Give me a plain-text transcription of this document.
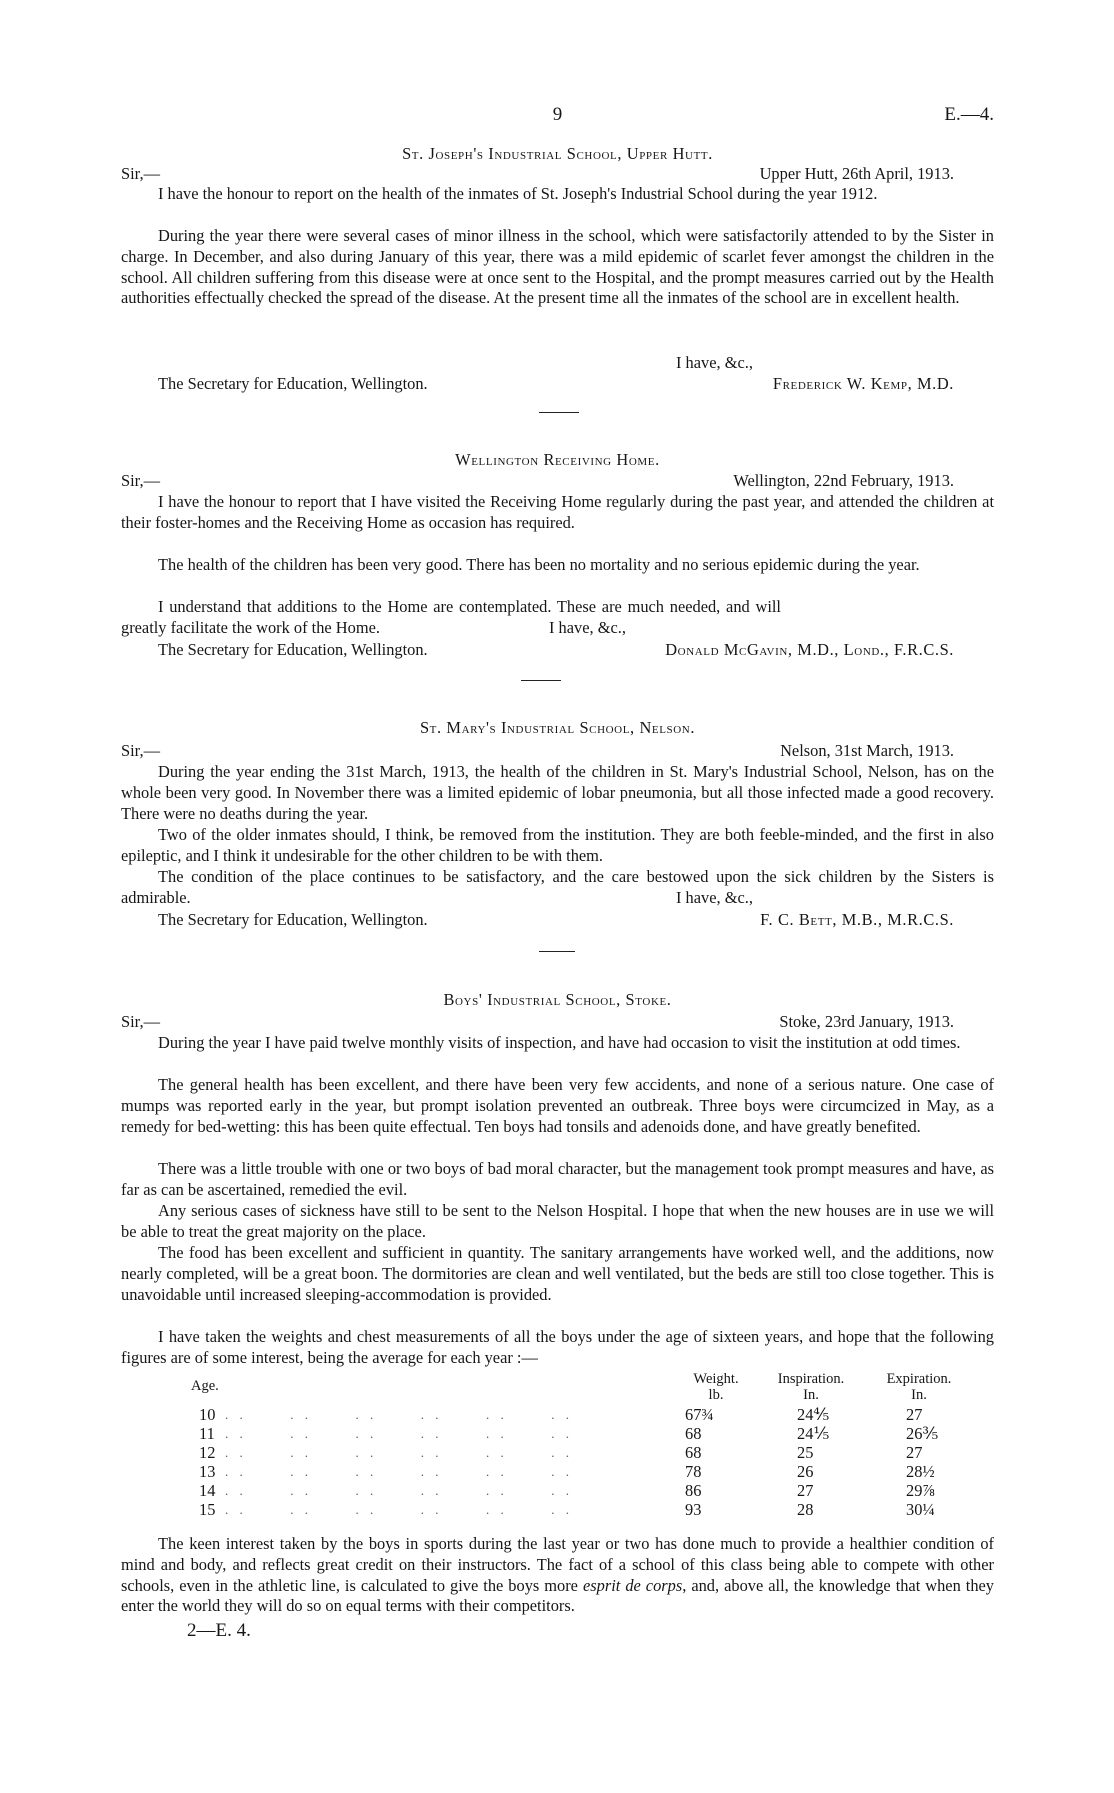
9	E.—4.
St. Joseph's Industrial School, Upper Hutt.
Sir,—	Upper Hutt, 26th April, 1913.

I have the honour to report on the health of the inmates of St. Joseph's Industrial School during the year 1912.

During the year there were several cases of minor illness in the school, which were satisfactorily attended to by the Sister in charge. In December, and also during January of this year, there was a mild epidemic of scarlet fever amongst the children in the school. All children suffering from this disease were at once sent to the Hospital, and the prompt measures carried out by the Health authorities effectually checked the spread of the disease. At the present time all the inmates of the school are in excellent health.

I have, &c.,
The Secretary for Education, Wellington.	Frederick W. Kemp, M.D.
Wellington Receiving Home.
Sir,—	Wellington, 22nd February, 1913.

I have the honour to report that I have visited the Receiving Home regularly during the past year, and attended the children at their foster-homes and the Receiving Home as occasion has required.

The health of the children has been very good. There has been no mortality and no serious epidemic during the year.

I understand that additions to the Home are contemplated. These are much needed, and will greatly facilitate the work of the Home.	I have, &c.,
The Secretary for Education, Wellington.	Donald McGavin, M.D., Lond., F.R.C.S.
St. Mary's Industrial School, Nelson.
Sir,—	Nelson, 31st March, 1913.

During the year ending the 31st March, 1913, the health of the children in St. Mary's Industrial School, Nelson, has on the whole been very good. In November there was a limited epidemic of lobar pneumonia, but all those infected made a good recovery. There were no deaths during the year.

Two of the older inmates should, I think, be removed from the institution. They are both feeble-minded, and the first in also epileptic, and I think it undesirable for the other children to be with them.

The condition of the place continues to be satisfactory, and the care bestowed upon the sick children by the Sisters is admirable.	I have, &c.,
The Secretary for Education, Wellington.	F. C. Bett, M.B., M.R.C.S.
Boys' Industrial School, Stoke.
Sir,—	Stoke, 23rd January, 1913.

During the year I have paid twelve monthly visits of inspection, and have had occasion to visit the institution at odd times.

The general health has been excellent, and there have been very few accidents, and none of a serious nature. One case of mumps was reported early in the year, but prompt isolation prevented an outbreak. Three boys were circumcized in May, as a remedy for bed-wetting: this has been quite effectual. Ten boys had tonsils and adenoids done, and have greatly benefited.

There was a little trouble with one or two boys of bad moral character, but the management took prompt measures and have, as far as can be ascertained, remedied the evil.

Any serious cases of sickness have still to be sent to the Nelson Hospital. I hope that when the new houses are in use we will be able to treat the great majority on the place.

The food has been excellent and sufficient in quantity. The sanitary arrangements have worked well, and the additions, now nearly completed, will be a great boon. The dormitories are clean and well ventilated, but the beds are still too close together. This is unavoidable until increased sleeping-accommodation is provided.

I have taken the weights and chest measurements of all the boys under the age of sixteen years, and hope that the following figures are of some interest, being the average for each year :—

Age.	Weight.
lb.
Inspiration.
In.
Expiration.
In.
10 . .      . .      . .      . .      . .      . .	67¾	24⅘	27
11 . .      . .      . .      . .      . .      . .	68	24⅕	26⅗
12 . .      . .      . .      . .      . .      . .	68	25	27
13 . .      . .      . .      . .      . .      . .	78	26	28½
14 . .      . .      . .      . .      . .      . .	86	27	29⅞
15 . .      . .      . .      . .      . .      . .	93	28	30¼

The keen interest taken by the boys in sports during the last year or two has done much to provide a healthier condition of mind and body, and reflects great credit on their instructors. The fact of a school of this class being able to compete with other schools, even in the athletic line, is calculated to give the boys more esprit de corps, and, above all, the knowledge that when they enter the world they will do so on equal terms with their competitors.

2—E. 4.
